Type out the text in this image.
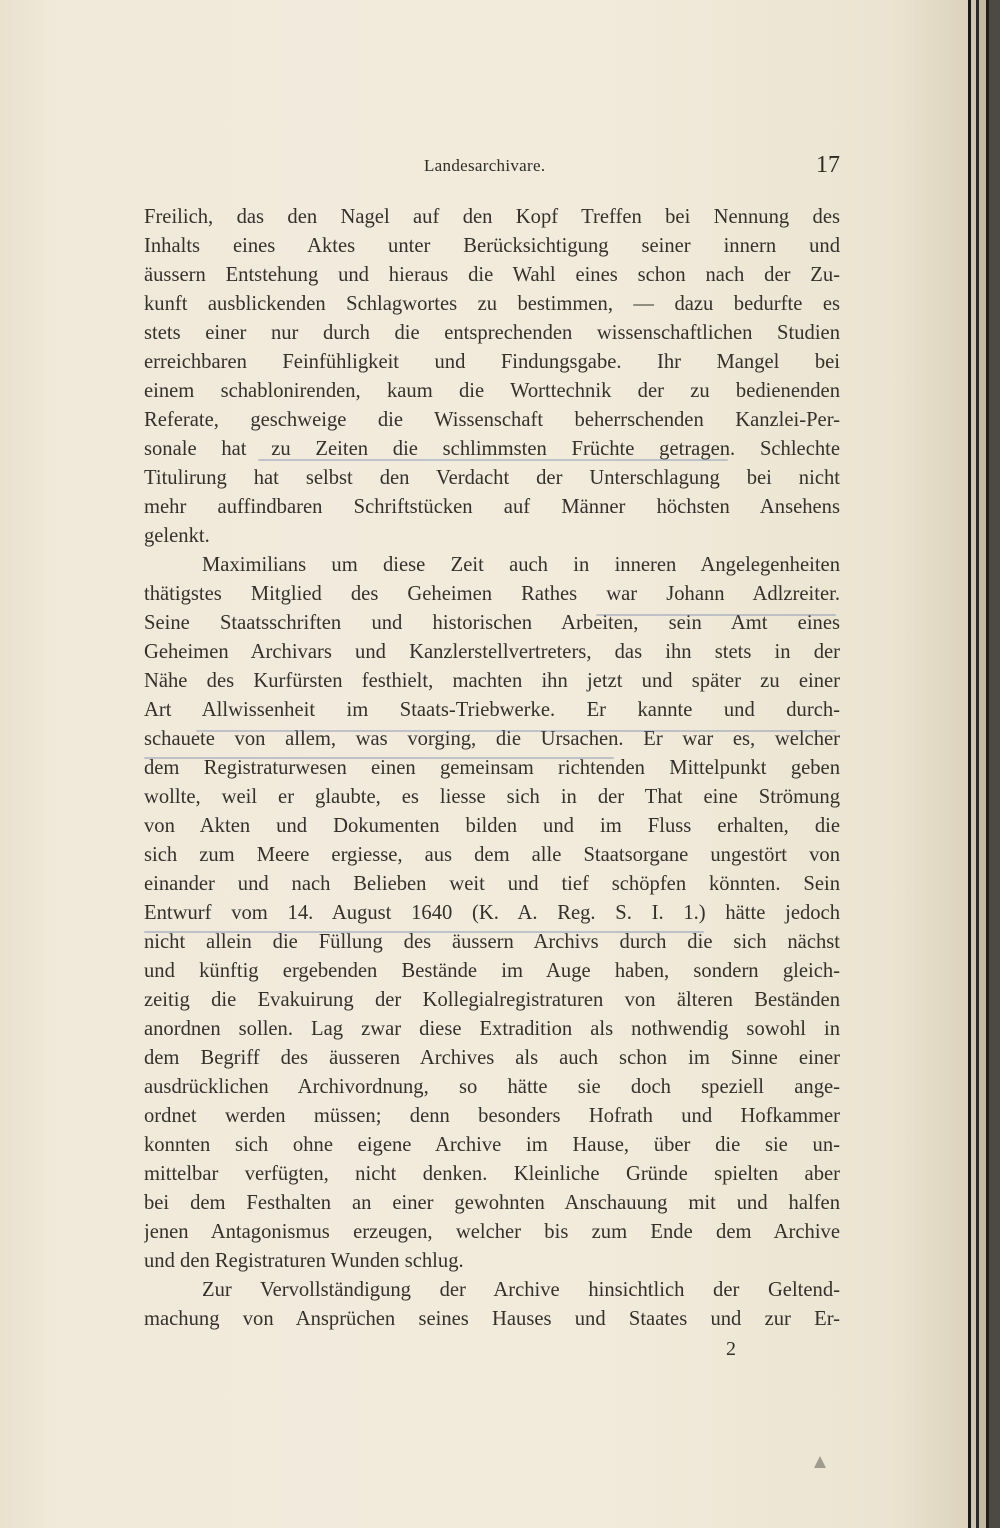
Landesarchivare.	17
Freilich, das den Nagel auf den Kopf Treffen bei Nennung des
Inhalts eines Aktes unter Berücksichtigung seiner innern und
äussern Entstehung und hieraus die Wahl eines schon nach der Zu-
kunft ausblickenden Schlagwortes zu bestimmen, — dazu bedurfte es
stets einer nur durch die entsprechenden wissenschaftlichen Studien
erreichbaren Feinfühligkeit und Findungsgabe. Ihr Mangel bei
einem schablonirenden, kaum die Worttechnik der zu bedienenden
Referate, geschweige die Wissenschaft beherrschenden Kanzlei-Per-
sonale hat zu Zeiten die schlimmsten Früchte getragen. Schlechte
Titulirung hat selbst den Verdacht der Unterschlagung bei nicht
mehr auffindbaren Schriftstücken auf Männer höchsten Ansehens
gelenkt.
Maximilians um diese Zeit auch in inneren Angelegenheiten
thätigstes Mitglied des Geheimen Rathes war Johann Adlzreiter.
Seine Staatsschriften und historischen Arbeiten, sein Amt eines
Geheimen Archivars und Kanzlerstellvertreters, das ihn stets in der
Nähe des Kurfürsten festhielt, machten ihn jetzt und später zu einer
Art Allwissenheit im Staats-Triebwerke. Er kannte und durch-
schauete von allem, was vorging, die Ursachen. Er war es, welcher
dem Registraturwesen einen gemeinsam richtenden Mittelpunkt geben
wollte, weil er glaubte, es liesse sich in der That eine Strömung
von Akten und Dokumenten bilden und im Fluss erhalten, die
sich zum Meere ergiesse, aus dem alle Staatsorgane ungestört von
einander und nach Belieben weit und tief schöpfen könnten. Sein
Entwurf vom 14. August 1640 (K. A. Reg. S. I. 1.) hätte jedoch
nicht allein die Füllung des äussern Archivs durch die sich nächst
und künftig ergebenden Bestände im Auge haben, sondern gleich-
zeitig die Evakuirung der Kollegialregistraturen von älteren Beständen
anordnen sollen. Lag zwar diese Extradition als nothwendig sowohl in
dem Begriff des äusseren Archives als auch schon im Sinne einer
ausdrücklichen Archivordnung, so hätte sie doch speziell ange-
ordnet werden müssen; denn besonders Hofrath und Hofkammer
konnten sich ohne eigene Archive im Hause, über die sie un-
mittelbar verfügten, nicht denken. Kleinliche Gründe spielten aber
bei dem Festhalten an einer gewohnten Anschauung mit und halfen
jenen Antagonismus erzeugen, welcher bis zum Ende dem Archive
und den Registraturen Wunden schlug.
Zur Vervollständigung der Archive hinsichtlich der Geltend-
machung von Ansprüchen seines Hauses und Staates und zur Er-
2
